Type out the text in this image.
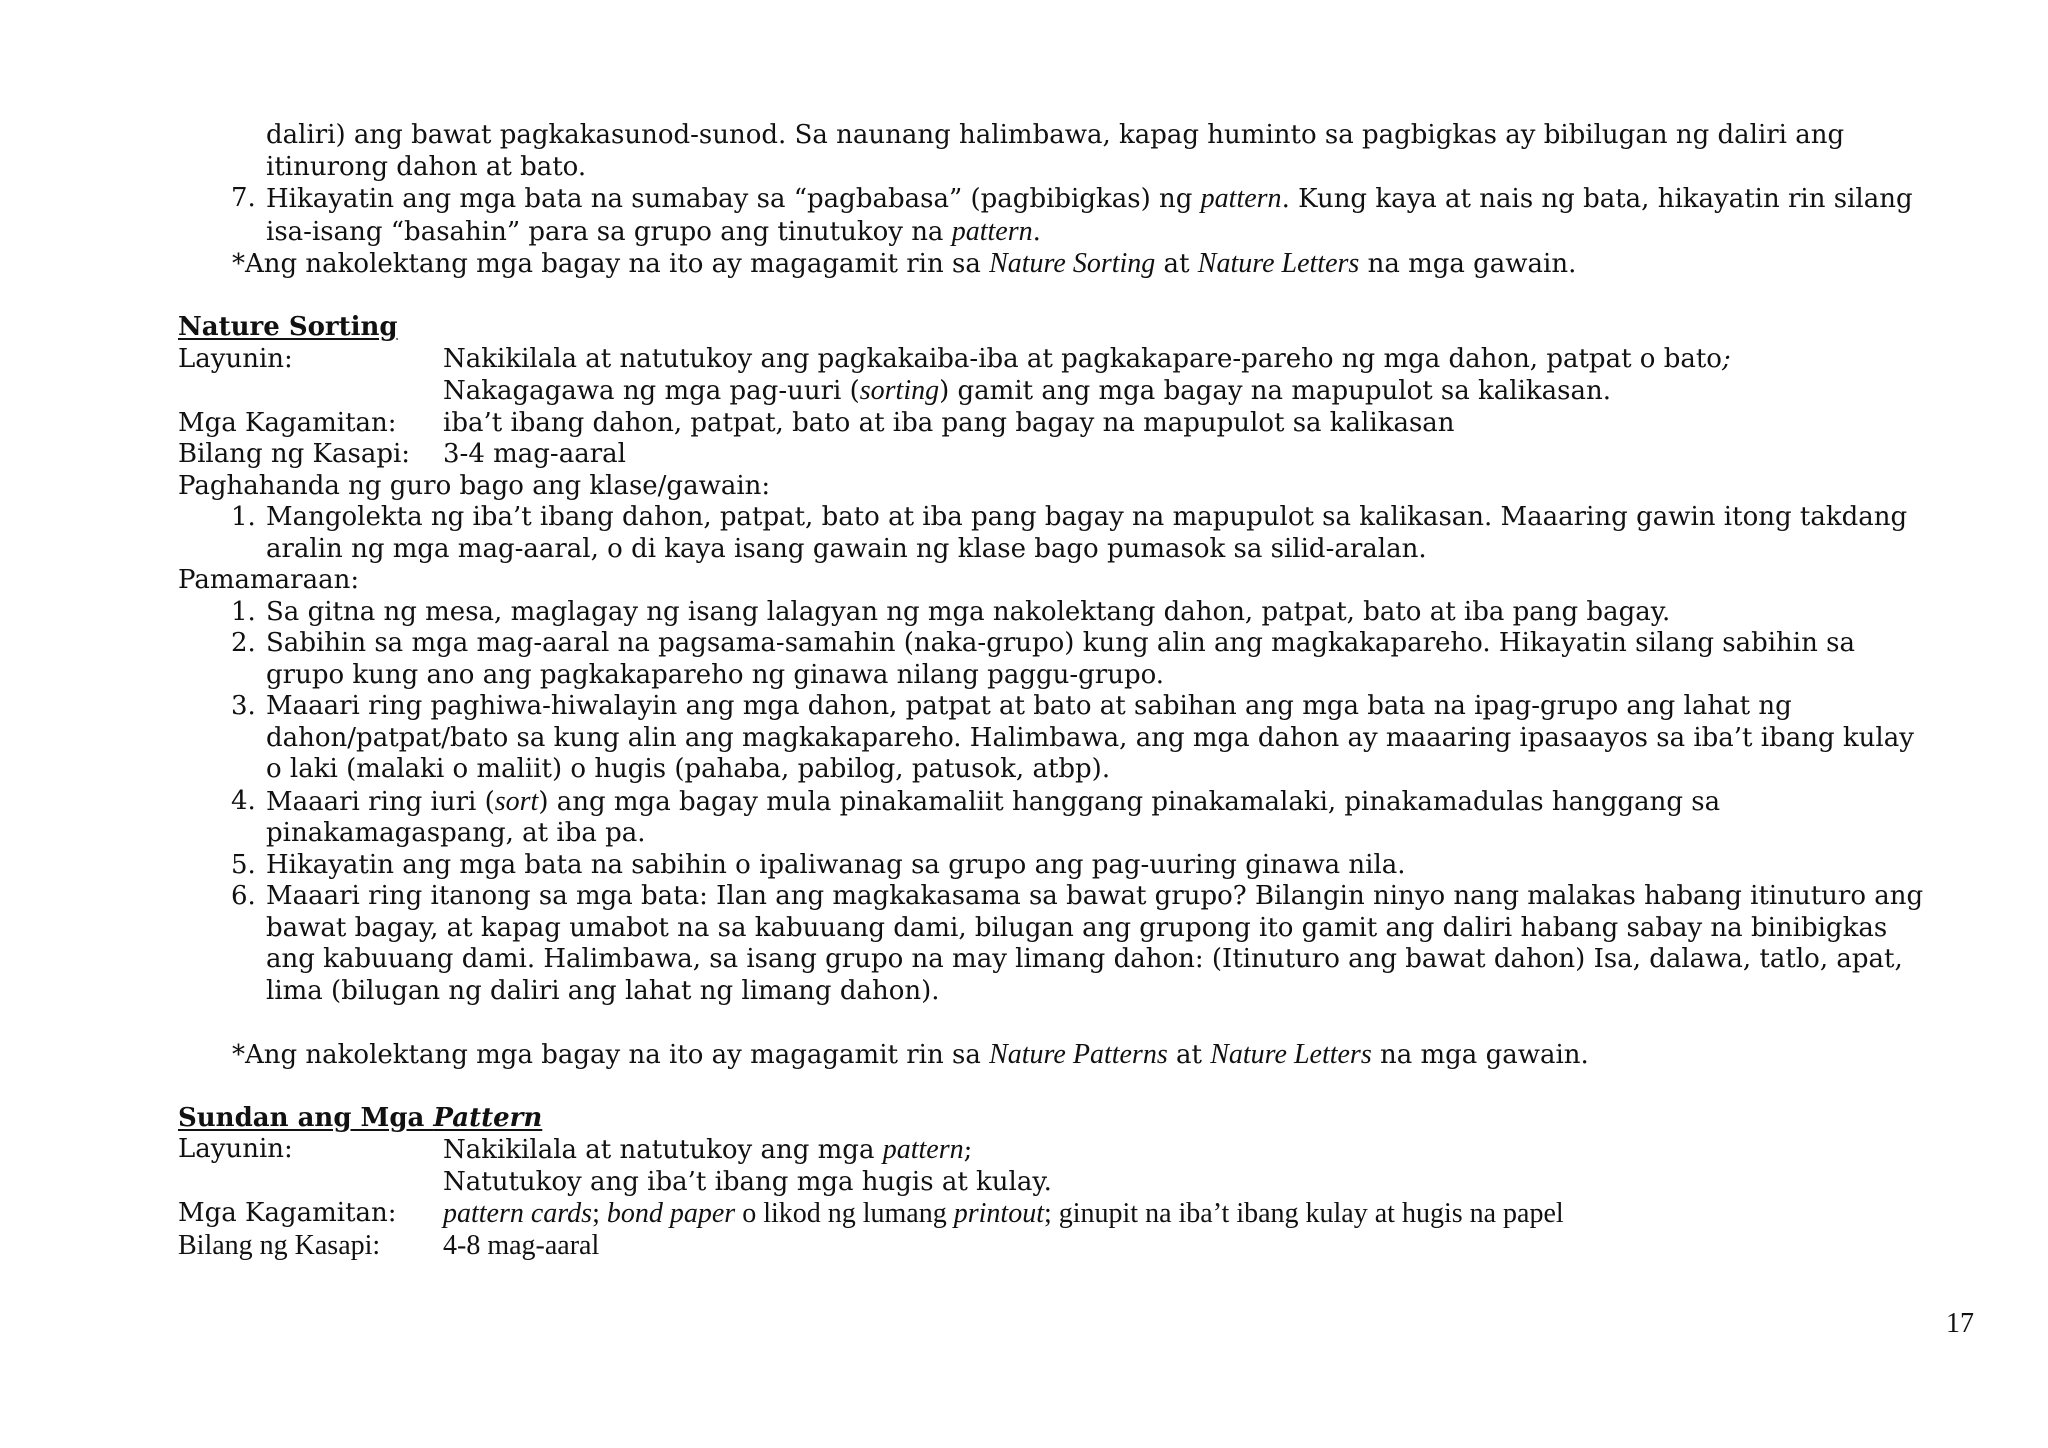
daliri) ang bawat pagkakasunod-sunod. Sa naunang halimbawa, kapag huminto sa pagbigkas ay bibilugan ng daliri ang
itinurong dahon at bato.
7. Hikayatin ang mga bata na sumabay sa “pagbabasa” (pagbibigkas) ng pattern. Kung kaya at nais ng bata, hikayatin rin silang
isa-isang “basahin” para sa grupo ang tinutukoy na pattern.
*Ang nakolektang mga bagay na ito ay magagamit rin sa Nature Sorting at Nature Letters na mga gawain.
Nature Sorting
Layunin:	Nakikilala at natutukoy ang pagkakaiba-iba at pagkakapare-pareho ng mga dahon, patpat o bato;
Nakagagawa ng mga pag-uuri (sorting) gamit ang mga bagay na mapupulot sa kalikasan.
Mga Kagamitan:	iba’t ibang dahon, patpat, bato at iba pang bagay na mapupulot sa kalikasan
Bilang ng Kasapi:	3-4 mag-aaral
Paghahanda ng guro bago ang klase/gawain:
1. Mangolekta ng iba’t ibang dahon, patpat, bato at iba pang bagay na mapupulot sa kalikasan. Maaaring gawin itong takdang
aralin ng mga mag-aaral, o di kaya isang gawain ng klase bago pumasok sa silid-aralan.
Pamamaraan:
1. Sa gitna ng mesa, maglagay ng isang lalagyan ng mga nakolektang dahon, patpat, bato at iba pang bagay.
2. Sabihin sa mga mag-aaral na pagsama-samahin (naka-grupo) kung alin ang magkakapareho. Hikayatin silang sabihin sa
grupo kung ano ang pagkakapareho ng ginawa nilang paggu-grupo.
3. Maaari ring paghiwa-hiwalayin ang mga dahon, patpat at bato at sabihan ang mga bata na ipag-grupo ang lahat ng
dahon/patpat/bato sa kung alin ang magkakapareho. Halimbawa, ang mga dahon ay maaaring ipasaayos sa iba’t ibang kulay
o laki (malaki o maliit) o hugis (pahaba, pabilog, patusok, atbp).
4. Maaari ring iuri (sort) ang mga bagay mula pinakamaliit hanggang pinakamalaki, pinakamadulas hanggang sa
pinakamagaspang, at iba pa.
5. Hikayatin ang mga bata na sabihin o ipaliwanag sa grupo ang pag-uuring ginawa nila.
6. Maaari ring itanong sa mga bata: Ilan ang magkakasama sa bawat grupo? Bilangin ninyo nang malakas habang itinuturo ang
bawat bagay, at kapag umabot na sa kabuuang dami, bilugan ang grupong ito gamit ang daliri habang sabay na binibigkas
ang kabuuang dami. Halimbawa, sa isang grupo na may limang dahon: (Itinuturo ang bawat dahon) Isa, dalawa, tatlo, apat,
lima (bilugan ng daliri ang lahat ng limang dahon).
*Ang nakolektang mga bagay na ito ay magagamit rin sa Nature Patterns at Nature Letters na mga gawain.
Sundan ang Mga Pattern
Layunin:	Nakikilala at natutukoy ang mga pattern;
Natutukoy ang iba’t ibang mga hugis at kulay.
Mga Kagamitan:	pattern cards; bond paper o likod ng lumang printout; ginupit na iba’t ibang kulay at hugis na papel
Bilang ng Kasapi:	4-8 mag-aaral
17
